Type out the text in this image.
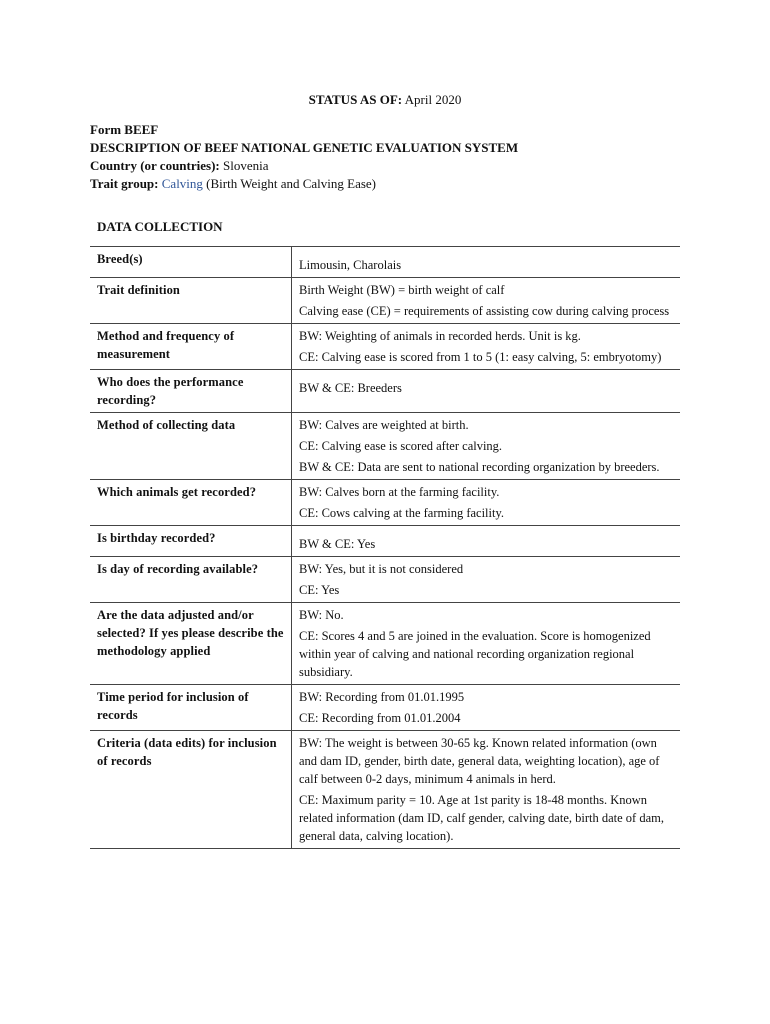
STATUS AS OF: April 2020
Form BEEF
DESCRIPTION OF BEEF NATIONAL GENETIC EVALUATION SYSTEM
Country (or countries): Slovenia
Trait group: Calving (Birth Weight and Calving Ease)
DATA COLLECTION
Breed(s)	Limousin, Charolais

Trait definition	Birth Weight (BW) = birth weight of calf

Calving ease (CE) = requirements of assisting cow during calving process

Method and frequency of measurement	BW: Weighting of animals in recorded herds. Unit is kg.

CE: Calving ease is scored from 1 to 5 (1: easy calving, 5: embryotomy)

Who does the performance recording?	BW & CE: Breeders

Method of collecting data	BW: Calves are weighted at birth.

CE: Calving ease is scored after calving.

BW & CE: Data are sent to national recording organization by breeders.

Which animals get recorded?	BW: Calves born at the farming facility.

CE: Cows calving at the farming facility.

Is birthday recorded?	BW & CE: Yes

Is day of recording available?	BW: Yes, but it is not considered

CE: Yes

Are the data adjusted and/or selected? If yes please describe the methodology applied	BW: No.

CE: Scores 4 and 5 are joined in the evaluation. Score is homogenized within year of calving and national recording organization regional subsidiary.

Time period for inclusion of records	BW: Recording from 01.01.1995

CE: Recording from 01.01.2004

Criteria (data edits) for inclusion of records	BW: The weight is between 30-65 kg. Known related information (own and dam ID, gender, birth date, general data, weighting location), age of calf between 0-2 days, minimum 4 animals in herd.

CE: Maximum parity = 10. Age at 1st parity is 18-48 months. Known related information (dam ID, calf gender, calving date, birth date of dam, general data, calving location).
